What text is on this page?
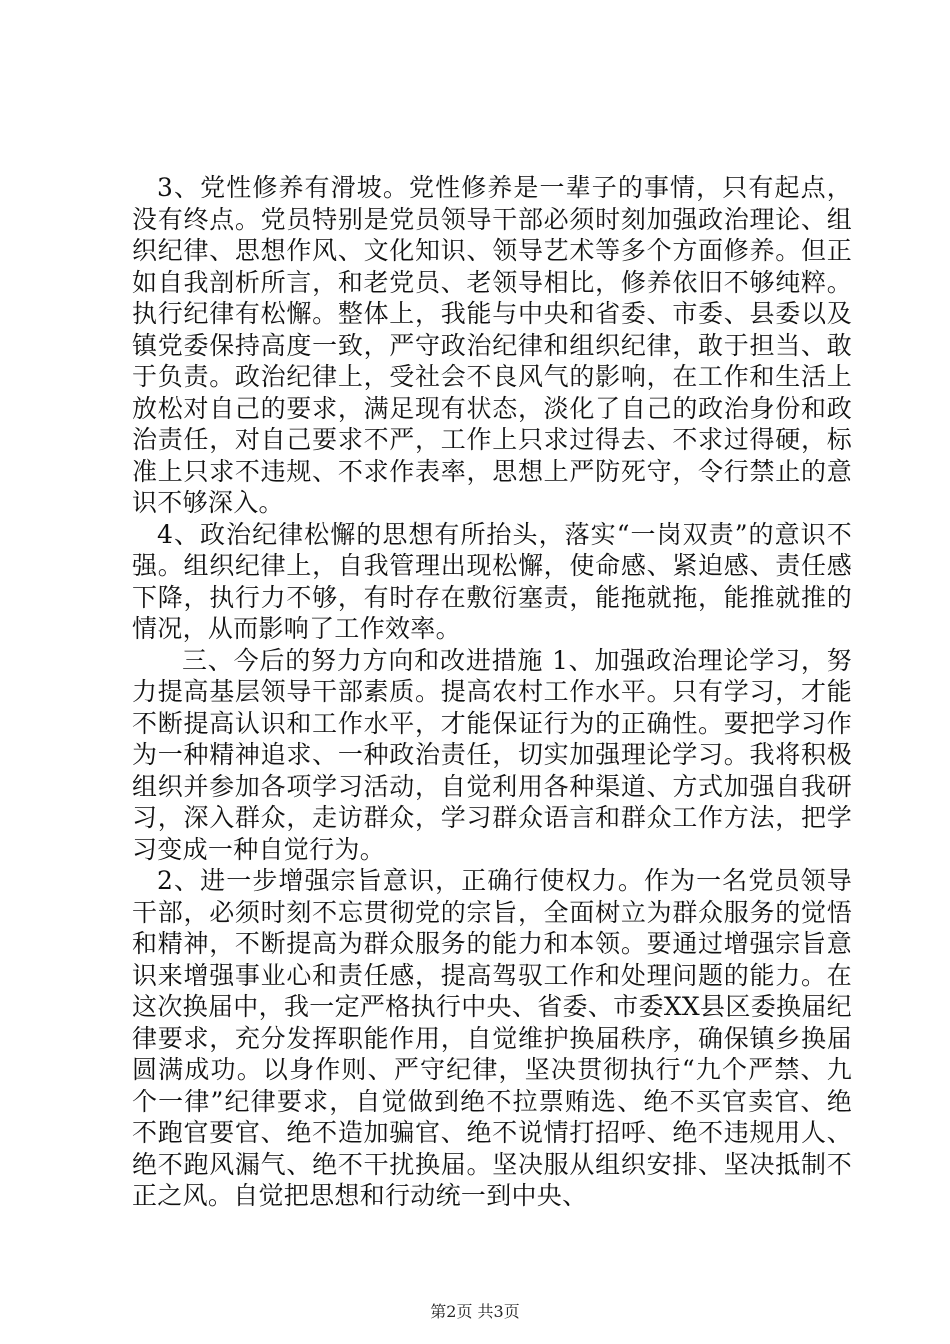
3、党性修养有滑坡。党性修养是一辈子的事情，只有起点，没有终点。党员特别是党员领导干部必须时刻加强政治理论、组织纪律、思想作风、文化知识、领导艺术等多个方面修养。但正如自我剖析所言，和老党员、老领导相比，修养依旧不够纯粹。执行纪律有松懈。整体上，我能与中央和省委、市委、县委以及镇党委保持高度一致，严守政治纪律和组织纪律，敢于担当、敢于负责。政治纪律上，受社会不良风气的影响，在工作和生活上放松对自己的要求，满足现有状态，淡化了自己的政治身份和政治责任，对自己要求不严，工作上只求过得去、不求过得硬，标准上只求不违规、不求作表率，思想上严防死守，令行禁止的意识不够深入。

4、政治纪律松懈的思想有所抬头，落实“一岗双责”的意识不强。组织纪律上，自我管理出现松懈，使命感、紧迫感、责任感下降，执行力不够，有时存在敷衍塞责，能拖就拖，能推就推的情况，从而影响了工作效率。

三、今后的努力方向和改进措施 1、加强政治理论学习，努力提高基层领导干部素质。提高农村工作水平。只有学习，才能不断提高认识和工作水平，才能保证行为的正确性。要把学习作为一种精神追求、一种政治责任，切实加强理论学习。我将积极组织并参加各项学习活动，自觉利用各种渠道、方式加强自我研习，深入群众，走访群众，学习群众语言和群众工作方法，把学习变成一种自觉行为。

2、进一步增强宗旨意识，正确行使权力。作为一名党员领导干部，必须时刻不忘贯彻党的宗旨，全面树立为群众服务的觉悟和精神，不断提高为群众服务的能力和本领。要通过增强宗旨意识来增强事业心和责任感，提高驾驭工作和处理问题的能力。在这次换届中，我一定严格执行中央、省委、市委XX县区委换届纪律要求，充分发挥职能作用，自觉维护换届秩序，确保镇乡换届圆满成功。以身作则、严守纪律，坚决贯彻执行“九个严禁、九个一律”纪律要求，自觉做到绝不拉票贿选、绝不买官卖官、绝不跑官要官、绝不造加骗官、绝不说情打招呼、绝不违规用人、绝不跑风漏气、绝不干扰换届。坚决服从组织安排、坚决抵制不正之风。自觉把思想和行动统一到中央、

第2页 共3页
